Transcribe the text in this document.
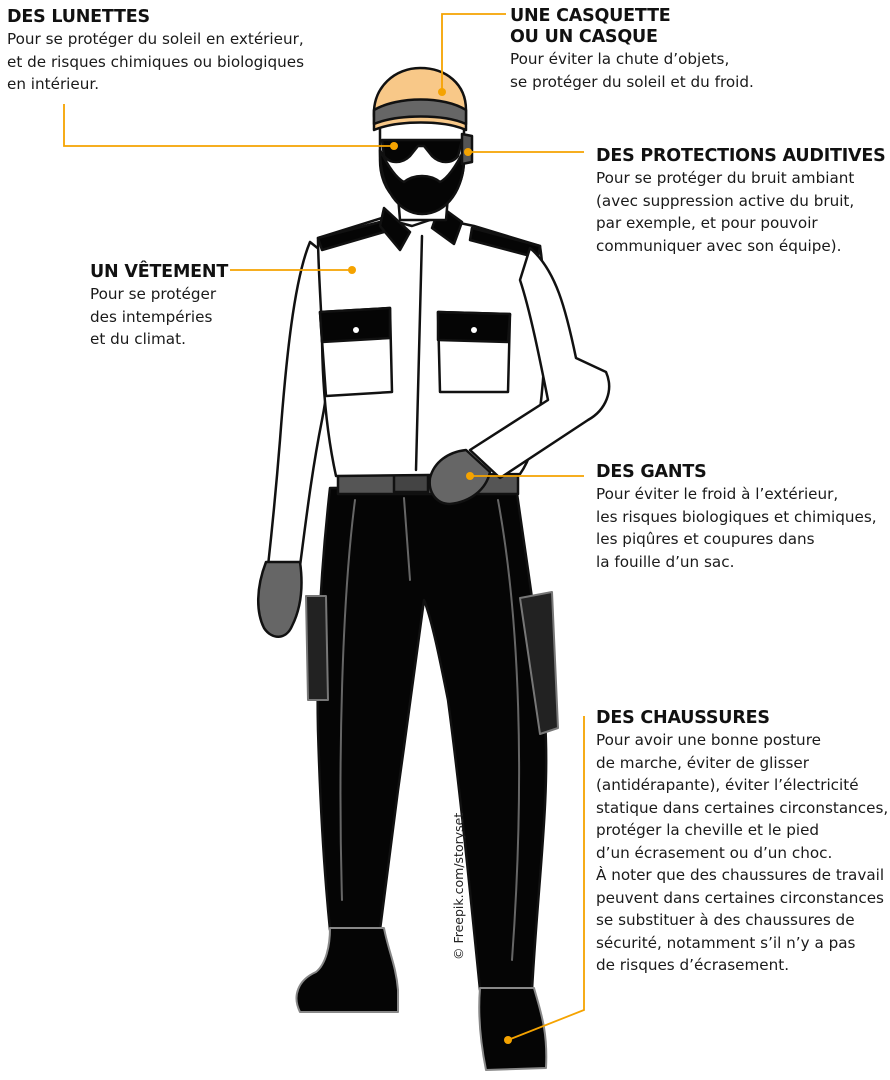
DES LUNETTES
Pour se protéger du soleil en extérieur,
et de risques chimiques ou biologiques
en intérieur.
UNE CASQUETTE
OU UN CASQUE
Pour éviter la chute d’objets,
se protéger du soleil et du froid.
DES PROTECTIONS AUDITIVES
Pour se protéger du bruit ambiant
(avec suppression active du bruit,
par exemple, et pour pouvoir
communiquer avec son équipe).
UN VÊTEMENT
Pour se protéger
des intempéries
et du climat.
DES GANTS
Pour éviter le froid à l’extérieur,
les risques biologiques et chimiques,
les piqûres et coupures dans
la fouille d’un sac.
DES CHAUSSURES
Pour avoir une bonne posture
de marche, éviter de glisser
(antidérapante), éviter l’électricité
statique dans certaines circonstances,
protéger la cheville et le pied
d’un écrasement ou d’un choc.
À noter que des chaussures de travail
peuvent dans certaines circonstances
se substituer à des chaussures de
sécurité, notamment s’il n’y a pas
de risques d’écrasement.
© Freepik.com/storyset
